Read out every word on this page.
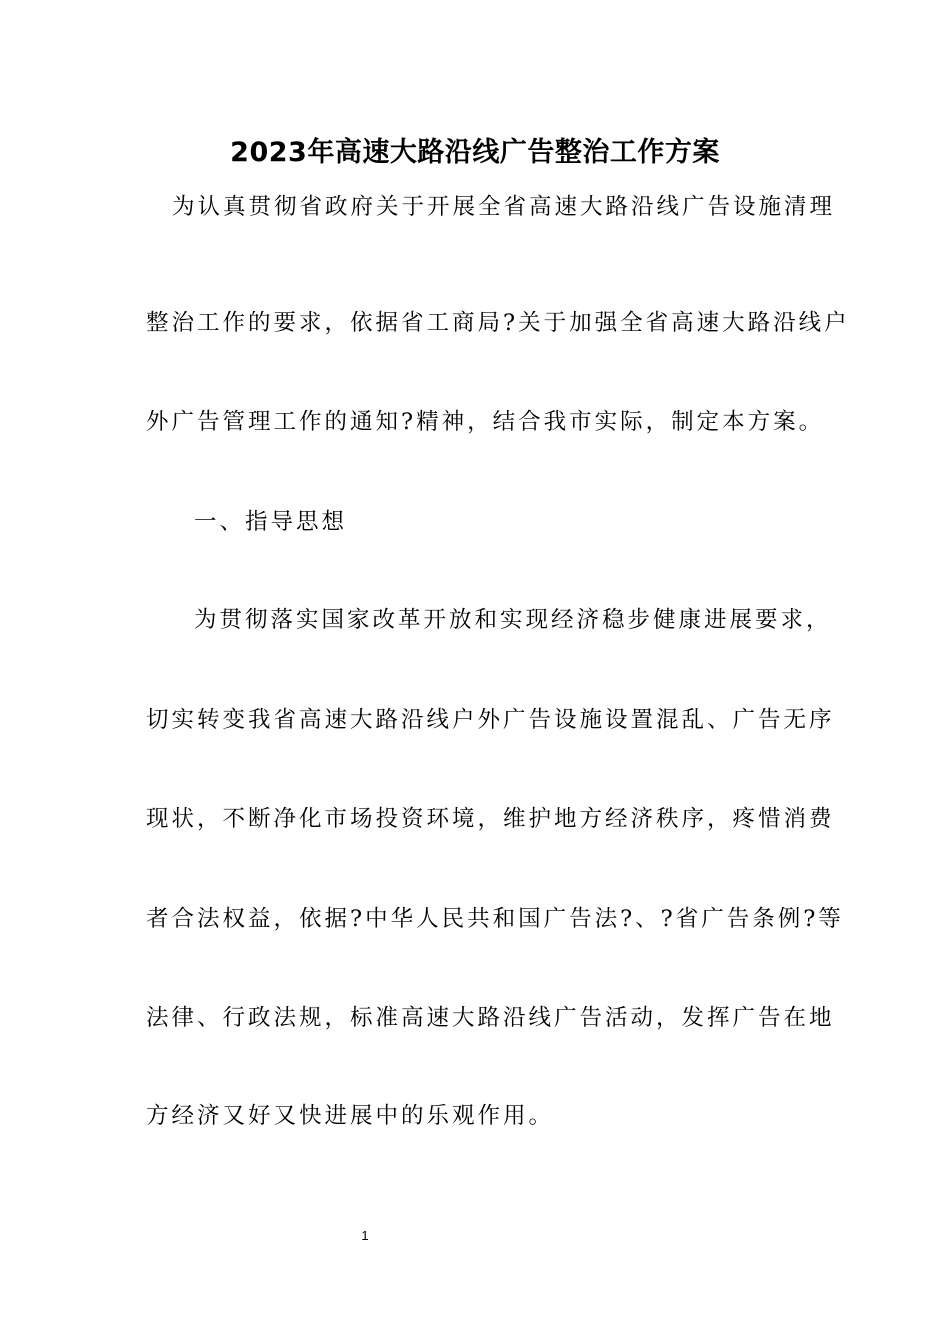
2023年高速大路沿线广告整治工作方案
为认真贯彻省政府关于开展全省高速大路沿线广告设施清理
整治工作的要求，依据省工商局?关于加强全省高速大路沿线户
外广告管理工作的通知?精神，结合我市实际，制定本方案。
一、指导思想
为贯彻落实国家改革开放和实现经济稳步健康进展要求，
切实转变我省高速大路沿线户外广告设施设置混乱、广告无序
现状，不断净化市场投资环境，维护地方经济秩序，疼惜消费
者合法权益，依据?中华人民共和国广告法?、?省广告条例?等
法律、行政法规，标准高速大路沿线广告活动，发挥广告在地
方经济又好又快进展中的乐观作用。
1
